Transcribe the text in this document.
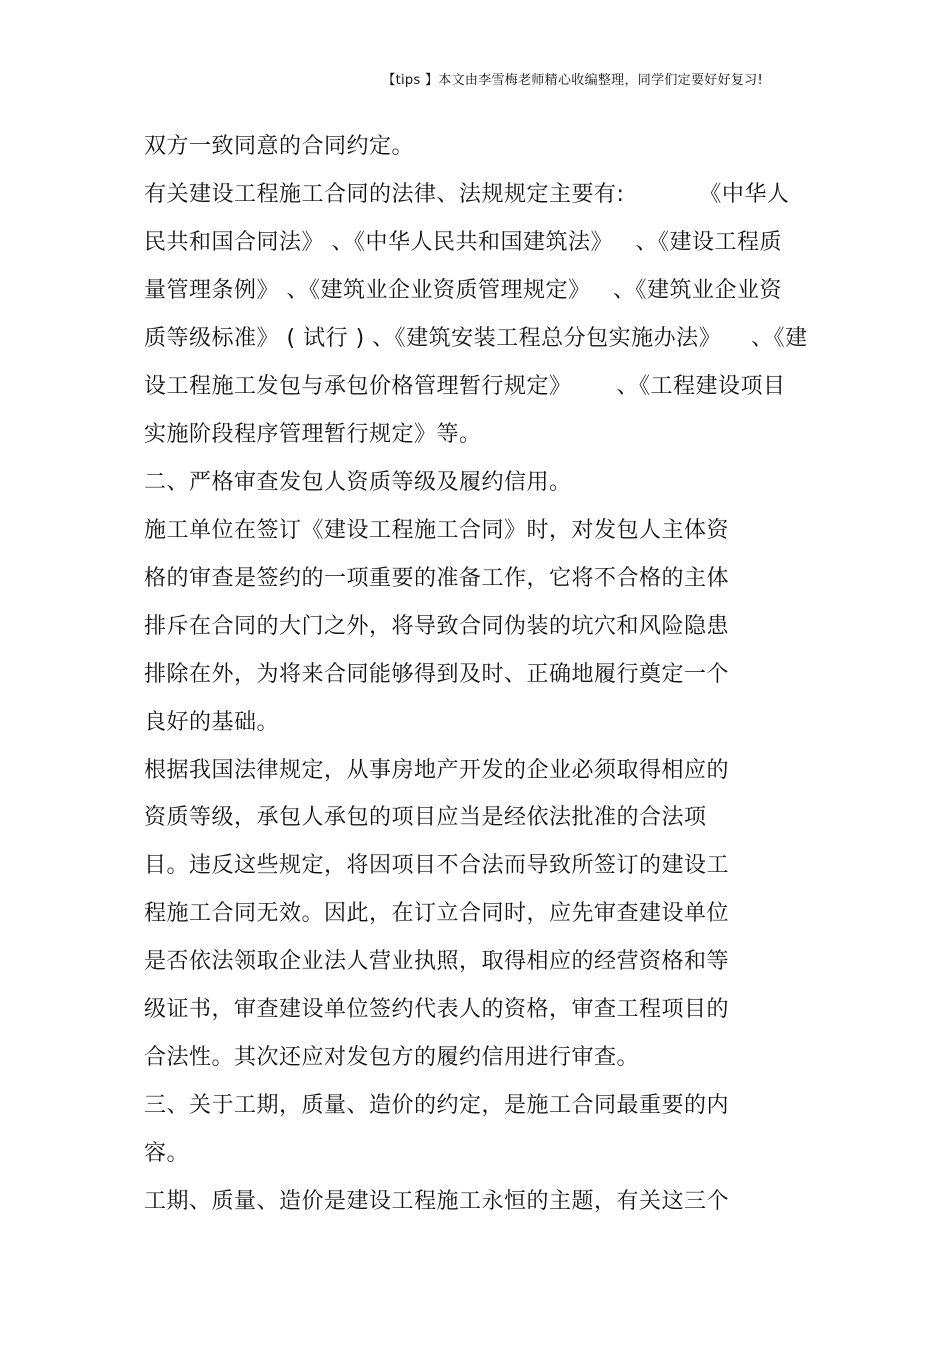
【tips 】本文由李雪梅老师精心收编整理，同学们定要好好复习!
双方一致同意的合同约定。
有关建设工程施工合同的法律、法规规定主要有:          《中华人
民共和国合同法》 、《中华人民共和国建筑法》   、《建设工程质
量管理条例》 、《建筑业企业资质管理规定》   、《建筑业企业资
质等级标准》 ( 试行 ) 、《建筑安装工程总分包实施办法》    、《建
设工程施工发包与承包价格管理暂行规定》      、《工程建设项目
实施阶段程序管理暂行规定》等。
二、严格审查发包人资质等级及履约信用。
施工单位在签订《建设工程施工合同》时，对发包人主体资
格的审查是签约的一项重要的准备工作，它将不合格的主体
排斥在合同的大门之外，将导致合同伪装的坑穴和风险隐患
排除在外，为将来合同能够得到及时、正确地履行奠定一个
良好的基础。
根据我国法律规定，从事房地产开发的企业必须取得相应的
资质等级，承包人承包的项目应当是经依法批准的合法项
目。违反这些规定，将因项目不合法而导致所签订的建设工
程施工合同无效。因此，在订立合同时，应先审查建设单位
是否依法领取企业法人营业执照，取得相应的经营资格和等
级证书，审查建设单位签约代表人的资格，审查工程项目的
合法性。其次还应对发包方的履约信用进行审查。
三、关于工期，质量、造价的约定，是施工合同最重要的内
容。
工期、质量、造价是建设工程施工永恒的主题，有关这三个
